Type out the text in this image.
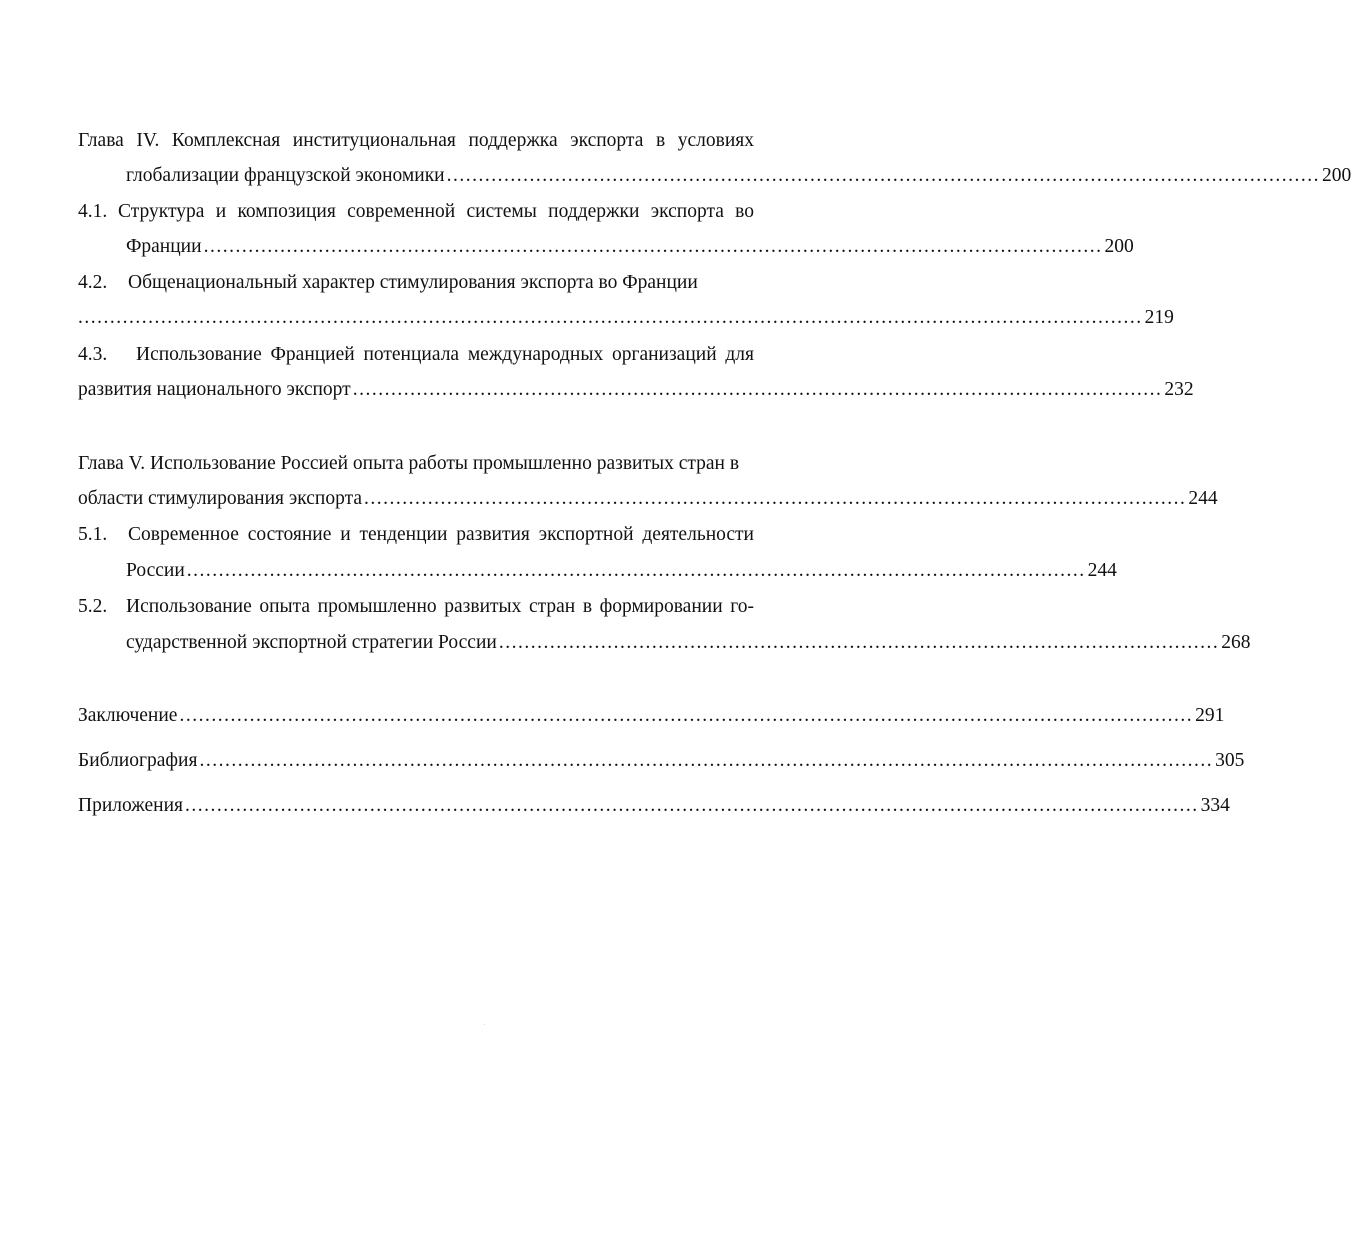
Глава IV. Комплексная институциональная поддержка экспорта в условиях
глобализации французской экономики ......................................................................................................................................... 200
4.1. Структура и композиция современной системы поддержки экспорта во
Франции ............................................................................................................................................. 200
4.2. Общенациональный характер стимулирования экспорта во Франции
....................................................................................................................................................................... 219
4.3. Использование Францией потенциала международных организаций для
развития национального экспорт ............................................................................................................................... 232
Глава V. Использование Россией опыта работы промышленно развитых стран в
области стимулирования экспорта ................................................................................................................................. 244
5.1. Современное состояние и тенденции развития экспортной деятельности
России ............................................................................................................................................. 244
5.2. Использование опыта промышленно развитых стран в формировании го-
сударственной экспортной стратегии России ................................................................................................................. 268
Заключение ............................................................................................................................................................... 291
Библиография ............................................................................................................................................................... 305
Приложения ............................................................................................................................................................... 334
